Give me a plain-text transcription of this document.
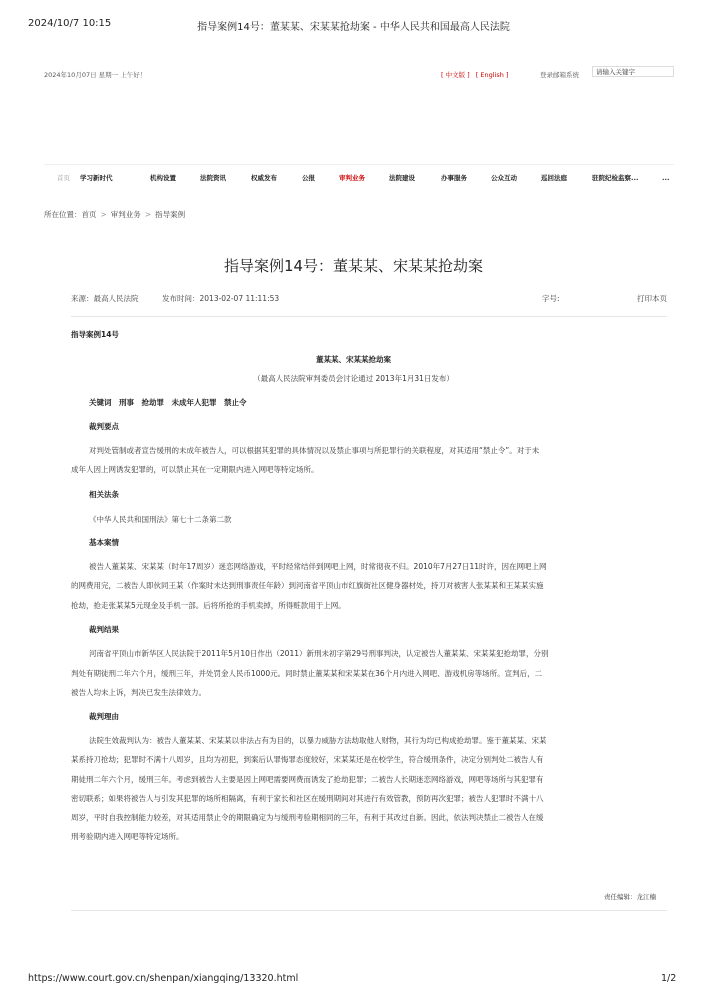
2024/10/7 10:15	指导案例14号：董某某、宋某某抢劫案 - 中华人民共和国最高人民法院
2024年10月07日 星期一 上午好！	[ 中文版 ] [ English ]	登录邮箱系统	请输入关键字
首页 学习新时代	机构设置	法院资讯	权威发布	公报	审判业务	法院建设	办事服务	公众互动	巡回法庭	驻院纪检监察...	...
所在位置：首页 > 审判业务 > 指导案例
指导案例14号：董某某、宋某某抢劫案
来源：最高人民法院	发布时间：2013-02-07 11:11:53	字号:	打印本页
指导案例14号
董某某、宋某某抢劫案
（最高人民法院审判委员会讨论通过 2013年1月31日发布）
关键词　刑事　抢劫罪　未成年人犯罪　禁止令
裁判要点
对判处管制或者宣告缓刑的未成年被告人，可以根据其犯罪的具体情况以及禁止事项与所犯罪行的关联程度，对其适用“禁止令”。对于未
成年人因上网诱发犯罪的，可以禁止其在一定期限内进入网吧等特定场所。
相关法条
《中华人民共和国刑法》第七十二条第二款
基本案情
被告人董某某、宋某某（时年17周岁）迷恋网络游戏，平时经常结伴到网吧上网，时常彻夜不归。2010年7月27日11时许，因在网吧上网
的网费用完，二被告人即伙同王某（作案时未达到刑事责任年龄）到河南省平顶山市红旗街社区健身器材处，持刀对被害人张某某和王某某实施
抢劫，抢走张某某5元现金及手机一部。后将所抢的手机卖掉，所得赃款用于上网。
裁判结果
河南省平顶山市新华区人民法院于2011年5月10日作出（2011）新刑未初字第29号刑事判决，认定被告人董某某、宋某某犯抢劫罪，分别
判处有期徒刑二年六个月，缓刑三年，并处罚金人民币1000元。同时禁止董某某和宋某某在36个月内进入网吧、游戏机房等场所。宣判后，二
被告人均未上诉，判决已发生法律效力。
裁判理由
法院生效裁判认为：被告人董某某、宋某某以非法占有为目的，以暴力威胁方法劫取他人财物，其行为均已构成抢劫罪。鉴于董某某、宋某
某系持刀抢劫；犯罪时不满十八周岁，且均为初犯，到案后认罪悔罪态度较好，宋某某还是在校学生，符合缓刑条件，决定分别判处二被告人有
期徒刑二年六个月，缓刑三年。考虑到被告人主要是因上网吧需要网费而诱发了抢劫犯罪；二被告人长期迷恋网络游戏，网吧等场所与其犯罪有
密切联系；如果将被告人与引发其犯罪的场所相隔离，有利于家长和社区在缓刑期间对其进行有效管教，预防再次犯罪；被告人犯罪时不满十八
周岁，平时自我控制能力较差，对其适用禁止令的期限确定为与缓刑考验期相同的三年，有利于其改过自新。因此，依法判决禁止二被告人在缓
刑考验期内进入网吧等特定场所。
责任编辑：龙江楠
https://www.court.gov.cn/shenpan/xiangqing/13320.html	1/2
